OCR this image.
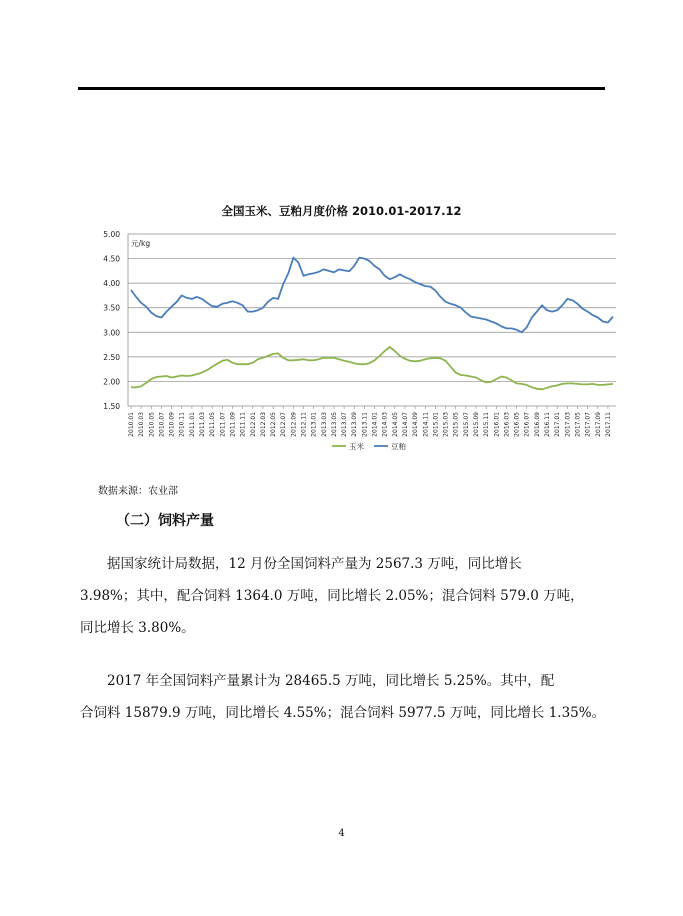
全国玉米、豆粕月度价格 2010.01-2017.12
1.50
2.00
2.50
3.00
3.50
4.00
4.50
5.00
元/kg
2010.01 2010.03 2010.05 2010.07 2010.09 2010.11 2011.01 2011.03 2011.05 2011.07 2011.09 2011.11 2012.01 2012.03 2012.05 2012.07 2012.09 2012.11 2013.01 2013.03 2013.05 2013.07 2013.09 2013.11 2014.01 2014.03 2014.05 2014.07 2014.09 2014.11 2015.01 2015.03 2015.05 2015.07 2015.09 2015.11 2016.01 2016.03 2016.05 2016.07 2016.09 2016.11 2017.01 2017.03 2017.05 2017.07 2017.09 2017.11
玉米	豆粕
数据来源：农业部
（二）饲料产量
据国家统计局数据，12 月份全国饲料产量为 2567.3 万吨，同比增长
3.98%；其中，配合饲料 1364.0 万吨，同比增长 2.05%；混合饲料 579.0 万吨，
同比增长 3.80%。
2017 年全国饲料产量累计为 28465.5 万吨，同比增长 5.25%。其中，配
合饲料 15879.9 万吨，同比增长 4.55%；混合饲料 5977.5 万吨，同比增长 1.35%。
4
